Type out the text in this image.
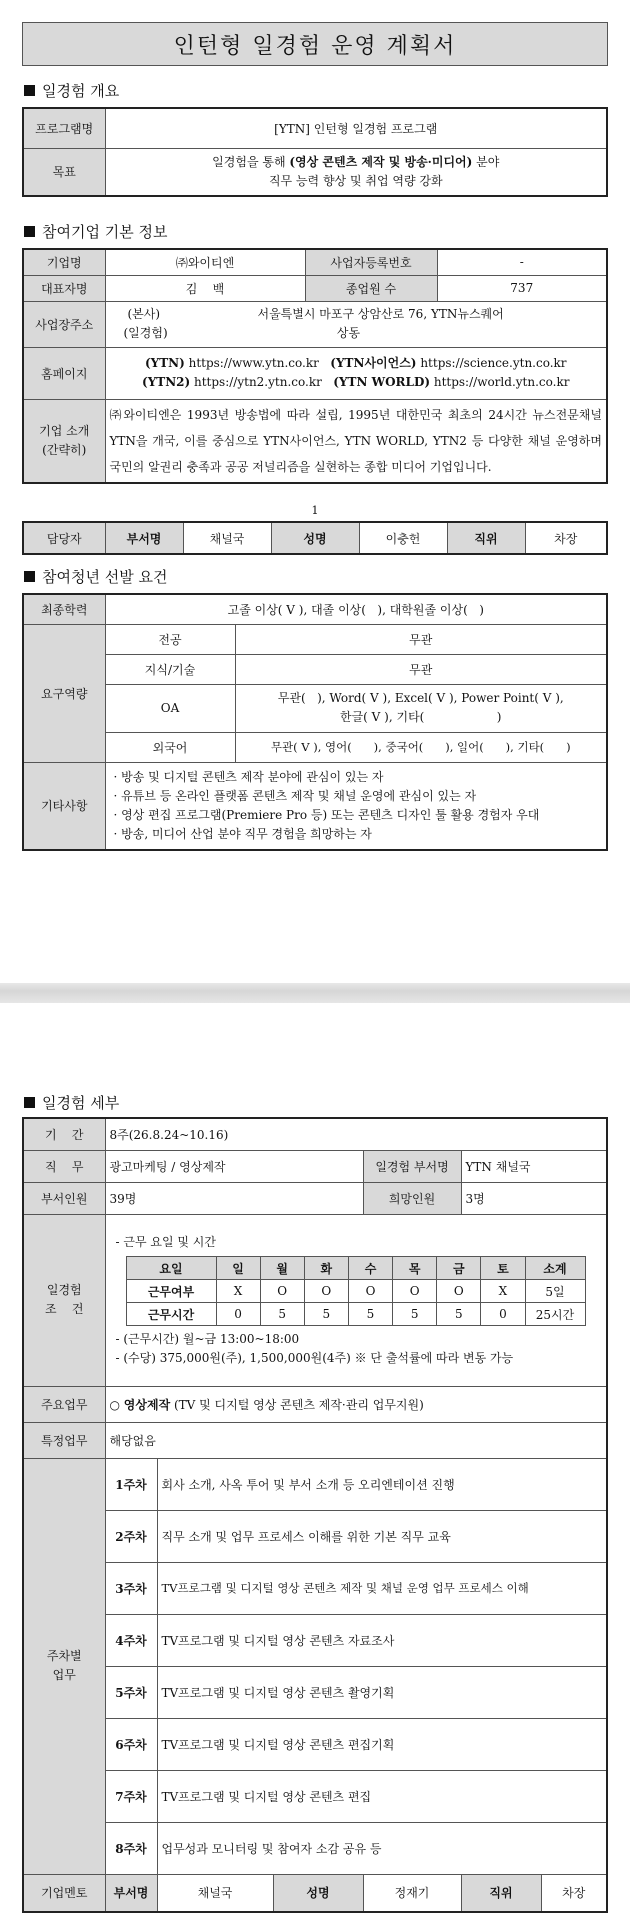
인턴형 일경험 운영 계획서
일경험 개요
프로그램명	[YTN] 인턴형 일경험 프로그램
목표	일경험을 통해 (영상 콘텐츠 제작 및 방송·미디어) 분야
직무 능력 향상 및 취업 역량 강화
참여기업 기본 정보
기업명	㈜와이티엔	사업자등록번호	-
대표자명	김    백	종업원 수	737
사업장주소	(본사) 서울특별시 마포구 상암산로 76, YTN뉴스퀘어
(일경험) 상동		

홈페이지	(YTN) https://www.ytn.co.kr   (YTN사이언스) https://science.ytn.co.kr
(YTN2) https://ytn2.ytn.co.kr   (YTN WORLD) https://world.ytn.co.kr		

기업 소개
(간략히)	㈜와이티엔은 1993년 방송법에 따라 설립, 1995년 대한민국 최초의 24시간 뉴스전문채널 YTN을 개국, 이를 중심으로 YTN사이언스, YTN WORLD, YTN2 등 다양한 채널 운영하며 국민의 알권리 충족과 공공 저널리즘을 실현하는 종합 미디어 기업입니다.		
1
담당자	부서명	채널국	성명	이충헌	직위	차장
참여청년 선발 요건
최종학력	고졸 이상( V ), 대졸 이상(   ), 대학원졸 이상(   )	
요구역량	전공	무관
	지식/기술	무관
	OA	무관(   ), Word( V ), Excel( V ), Power Point( V ),
한글( V ), 기타(                   )

	외국어	무관( V ), 영어(      ), 중국어(      ), 일어(      ), 기타(      )
기타사항	· 방송 및 디지털 콘텐츠 제작 분야에 관심이 있는 자
· 유튜브 등 온라인 플랫폼 콘텐츠 제작 및 채널 운영에 관심이 있는 자
· 영상 편집 프로그램(Premiere Pro 등) 또는 콘텐츠 디자인 툴 활용 경험자 우대
· 방송, 미디어 산업 분야 직무 경험을 희망하는 자	
일경험 세부
기    간	8주(26.8.24~10.16)
직    무	광고마케팅 / 영상제작	일경험 부서명	YTN 채널국
부서인원	39명	희망인원	3명

일경험
조    건

- 근무 요일 및 시간
요일	일	월	화	수	목	금	토	소계
근무여부	X	O	O	O	O	O	X	5일
근무시간	0	5	5	5	5	5	0	25시간
- (근무시간) 월~금 13:00~18:00
- (수당) 375,000원(주), 1,500,000원(4주) ※ 단 출석률에 따라 변동 가능

주요업무	○ 영상제작 (TV 및 디지털 영상 콘텐츠 제작·관리 업무지원)
특정업무	해당없음

주차별
업무
	1주차	회사 소개, 사옥 투어 및 부서 소개 등 오리엔테이션 진행
2주차	직무 소개 및 업무 프로세스 이해를 위한 기본 직무 교육
3주차	TV프로그램 및 디지털 영상 콘텐츠 제작 및 채널 운영 업무 프로세스 이해
4주차	TV프로그램 및 디지털 영상 콘텐츠 자료조사
5주차	TV프로그램 및 디지털 영상 콘텐츠 촬영기획
6주차	TV프로그램 및 디지털 영상 콘텐츠 편집기획
7주차	TV프로그램 및 디지털 영상 콘텐츠 편집
8주차	업무성과 모니터링 및 참여자 소감 공유 등
기업멘토	부서명	채널국	성명	정재기	직위	차장
